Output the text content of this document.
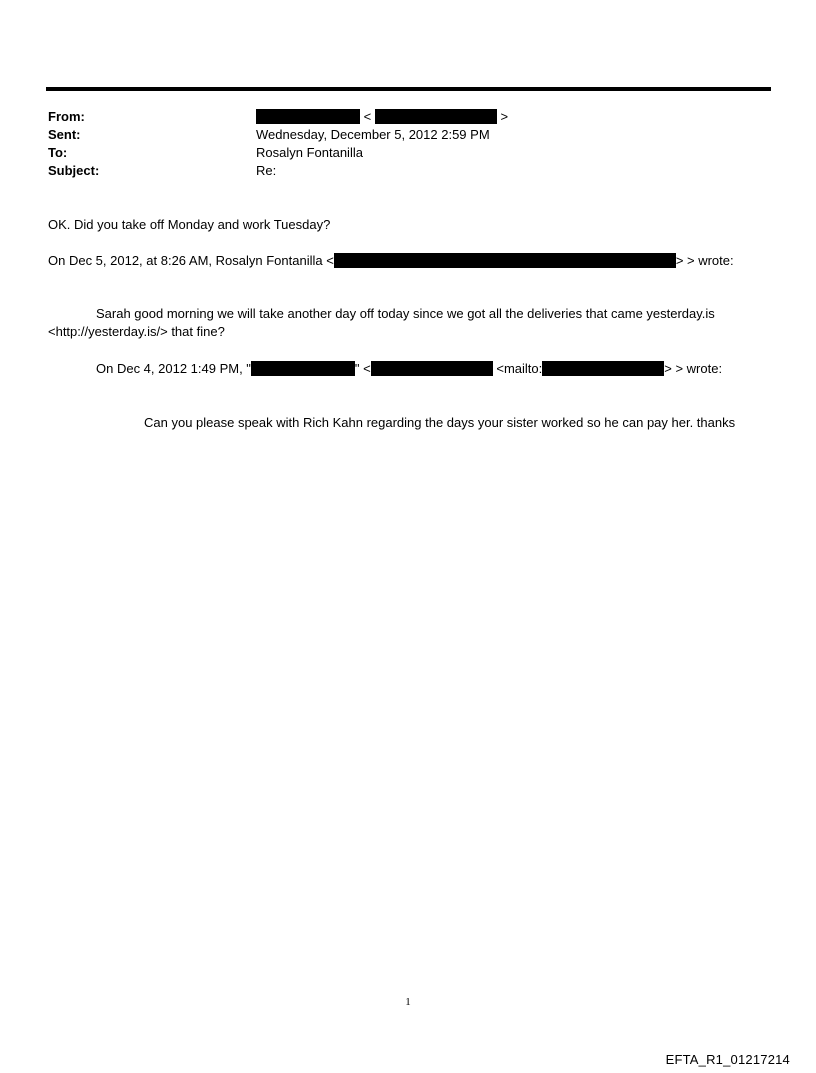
From:	<	>
Sent:	Wednesday, December 5, 2012 2:59 PM
To:	Rosalyn Fontanilla
Subject:	Re:
OK. Did you take off Monday and work Tuesday?
On Dec 5, 2012, at 8:26 AM, Rosalyn Fontanilla <	> > wrote:
Sarah good morning we will take another day off today since we got all the deliveries that came yesterday.is
<http://yesterday.is/> that fine?
On Dec 4, 2012 1:49 PM, "	" <	<mailto:	> > wrote:
Can you please speak with Rich Kahn regarding the days your sister worked so he can pay her. thanks
1
EFTA_R1_01217214
